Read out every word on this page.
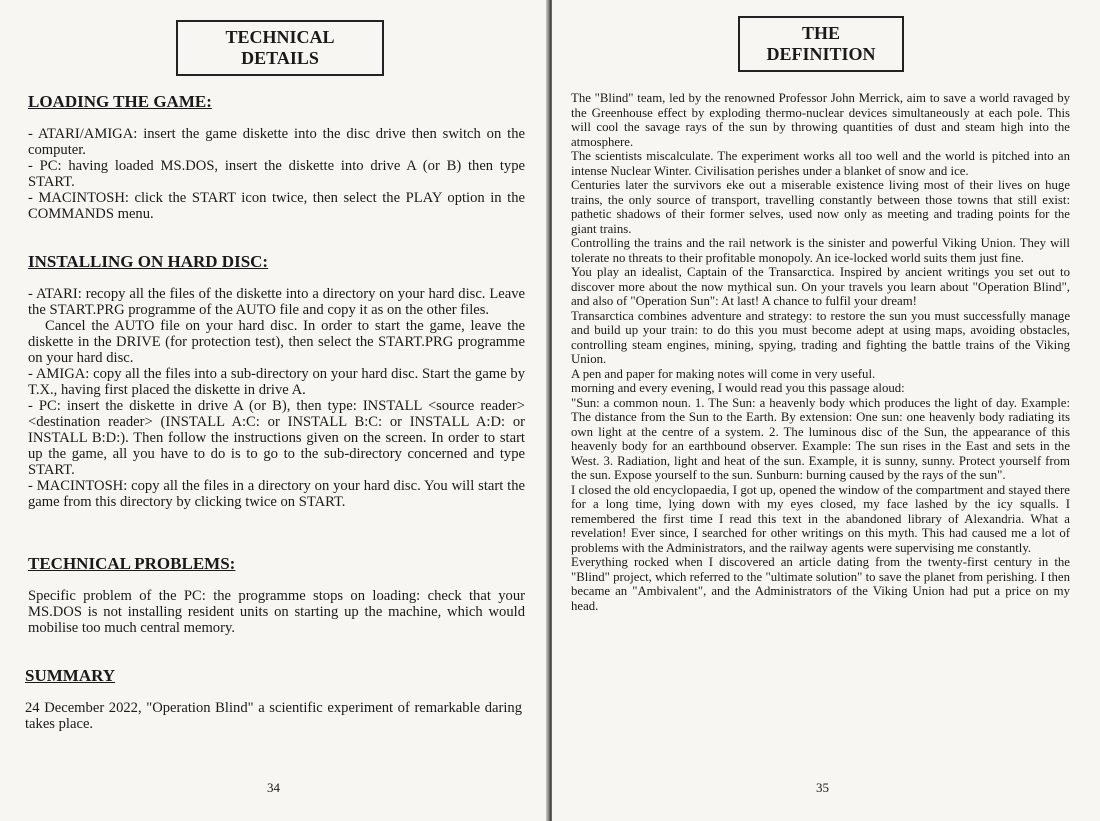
TECHNICAL DETAILS
LOADING THE GAME:

- ATARI/AMIGA: insert the game diskette into the disc drive then switch on the computer.

- PC: having loaded MS.DOS, insert the diskette into drive A (or B) then type START.

- MACINTOSH: click the START icon twice, then select the PLAY option in the COMMANDS menu.

INSTALLING ON HARD DISC:

- ATARI: recopy all the files of the diskette into a directory on your hard disc. Leave the START.PRG programme of the AUTO file and copy it as on the other files.

Cancel the AUTO file on your hard disc. In order to start the game, leave the diskette in the DRIVE (for protection test), then select the START.PRG programme on your hard disc.

- AMIGA: copy all the files into a sub-directory on your hard disc. Start the game by T.X., having first placed the diskette in drive A.

- PC: insert the diskette in drive A (or B), then type: INSTALL <source reader> <destination reader> (INSTALL A:C: or INSTALL B:C: or INSTALL A:D: or INSTALL B:D:). Then follow the instructions given on the screen. In order to start up the game, all you have to do is to go to the sub-directory concerned and type START.

- MACINTOSH: copy all the files in a directory on your hard disc. You will start the game from this directory by clicking twice on START.

TECHNICAL PROBLEMS:
Specific problem of the PC: the programme stops on loading: check that your MS.DOS is not installing resident units on starting up the machine, which would mobilise too much central memory.
SUMMARY
24 December 2022, "Operation Blind" a scientific experiment of remarkable daring takes place.
34
THE DEFINITION

The "Blind" team, led by the renowned Professor John Merrick, aim to save a world ravaged by the Greenhouse effect by exploding thermo-nuclear devices simultaneously at each pole. This will cool the savage rays of the sun by throwing quantities of dust and steam high into the atmosphere.

The scientists miscalculate. The experiment works all too well and the world is pitched into an intense Nuclear Winter. Civilisation perishes under a blanket of snow and ice.

Centuries later the survivors eke out a miserable existence living most of their lives on huge trains, the only source of transport, travelling constantly between those towns that still exist: pathetic shadows of their former selves, used now only as meeting and trading points for the giant trains.

Controlling the trains and the rail network is the sinister and powerful Viking Union. They will tolerate no threats to their profitable monopoly. An ice-locked world suits them just fine.

You play an idealist, Captain of the Transarctica. Inspired by ancient writings you set out to discover more about the now mythical sun. On your travels you learn about "Operation Blind", and also of "Operation Sun": At last! A chance to fulfil your dream!

Transarctica combines adventure and strategy: to restore the sun you must successfully manage and build up your train: to do this you must become adept at using maps, avoiding obstacles, controlling steam engines, mining, spying, trading and fighting the battle trains of the Viking Union.

A pen and paper for making notes will come in very useful.

morning and every evening, I would read you this passage aloud:

"Sun: a common noun. 1. The Sun: a heavenly body which produces the light of day. Example: The distance from the Sun to the Earth. By extension: One sun: one heavenly body radiating its own light at the centre of a system. 2. The luminous disc of the Sun, the appearance of this heavenly body for an earthbound observer. Example: The sun rises in the East and sets in the West. 3. Radiation, light and heat of the sun. Example, it is sunny, sunny. Protect yourself from the sun. Expose yourself to the sun. Sunburn: burning caused by the rays of the sun".

I closed the old encyclopaedia, I got up, opened the window of the compartment and stayed there for a long time, lying down with my eyes closed, my face lashed by the icy squalls. I remembered the first time I read this text in the abandoned library of Alexandria. What a revelation! Ever since, I searched for other writings on this myth. This had caused me a lot of problems with the Administrators, and the railway agents were supervising me constantly.

Everything rocked when I discovered an article dating from the twenty-first century in the "Blind" project, which referred to the "ultimate solution" to save the planet from perishing. I then became an "Ambivalent", and the Administrators of the Viking Union had put a price on my head.

35
